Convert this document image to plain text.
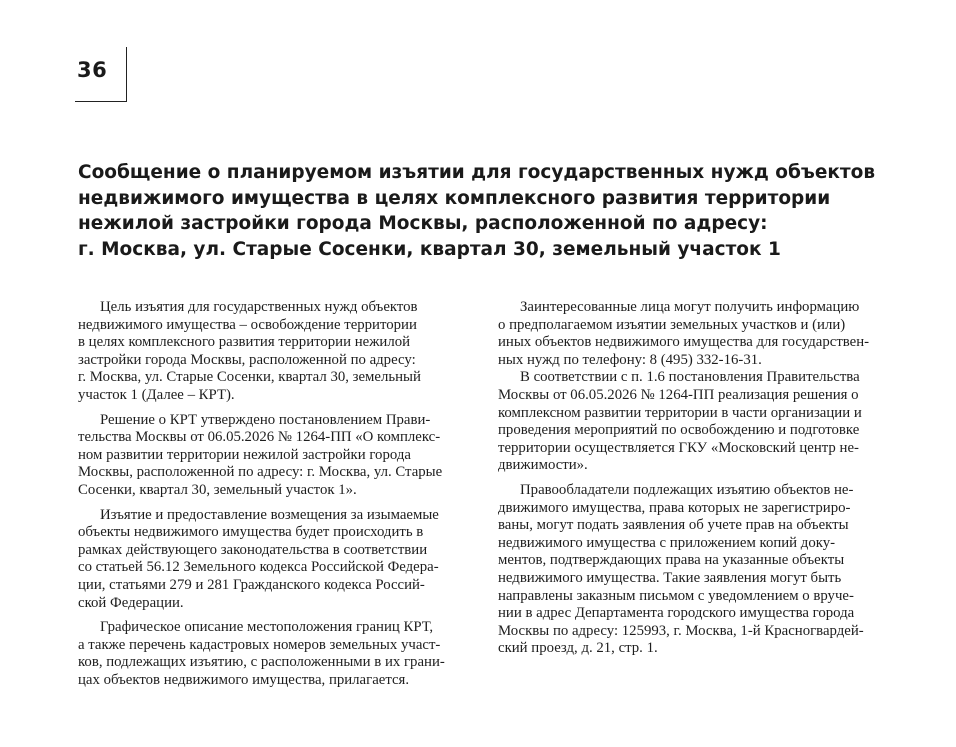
36
Сообщение о планируемом изъятии для государственных нужд объектов
недвижимого имущества в целях комплексного развития территории
нежилой застройки города Москвы, расположенной по адресу:
г. Москва, ул. Старые Сосенки, квартал 30, земельный участок 1

Цель изъятия для государственных нужд объектов
недвижимого имущества – освобождение территории
в целях комплексного развития территории нежилой
застройки города Москвы, расположенной по адресу:
г. Москва, ул. Старые Сосенки, квартал 30, земельный
участок 1 (Далее – КРТ).

Решение о КРТ утверждено постановлением Прави-
тельства Москвы от 06.05.2026 № 1264-ПП «О комплекс-
ном развитии территории нежилой застройки города
Москвы, расположенной по адресу: г. Москва, ул. Старые
Сосенки, квартал 30, земельный участок 1».

Изъятие и предоставление возмещения за изымаемые
объекты недвижимого имущества будет происходить в
рамках действующего законодательства в соответствии
со статьей 56.12 Земельного кодекса Российской Федера-
ции, статьями 279 и 281 Гражданского кодекса Россий-
ской Федерации.

Графическое описание местоположения границ КРТ,
а также перечень кадастровых номеров земельных участ-
ков, подлежащих изъятию, с расположенными в их грани-
цах объектов недвижимого имущества, прилагается.

Заинтересованные лица могут получить информацию
о предполагаемом изъятии земельных участков и (или)
иных объектов недвижимого имущества для государствен-
ных нужд по телефону: 8 (495) 332-16-31.

В соответствии с п. 1.6 постановления Правительства
Москвы от 06.05.2026 № 1264-ПП реализация решения о
комплексном развитии территории в части организации и
проведения мероприятий по освобождению и подготовке
территории осуществляется ГКУ «Московский центр не-
движимости».

Правообладатели подлежащих изъятию объектов не-
движимого имущества, права которых не зарегистриро-
ваны, могут подать заявления об учете прав на объекты
недвижимого имущества с приложением копий доку-
ментов, подтверждающих права на указанные объекты
недвижимого имущества. Такие заявления могут быть
направлены заказным письмом с уведомлением о вруче-
нии в адрес Департамента городского имущества города
Москвы по адресу: 125993, г. Москва, 1-й Красногвардей-
ский проезд, д. 21, стр. 1.
